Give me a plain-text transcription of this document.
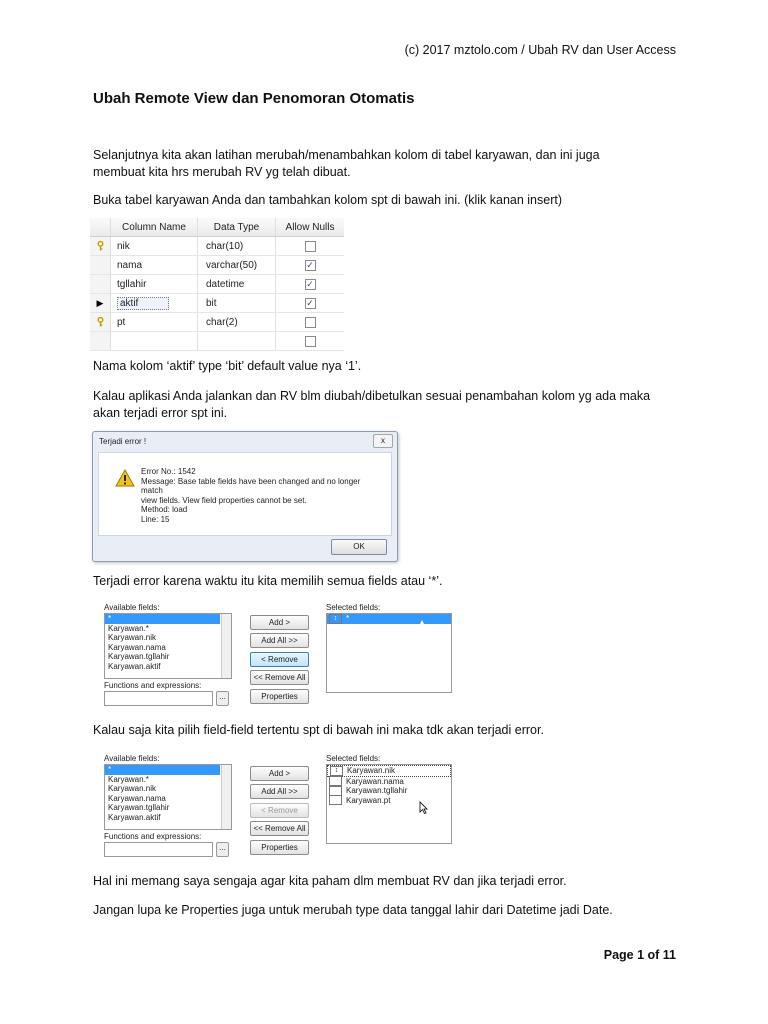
(c) 2017 mztolo.com / Ubah RV dan User Access
Ubah Remote View dan Penomoran Otomatis

Selanjutnya kita akan latihan merubah/menambahkan kolom di tabel karyawan, dan ini juga
membuat kita hrs merubah RV yg telah dibuat.

Buka tabel karyawan Anda dan tambahkan kolom spt di bawah ini. (klik kanan insert)

Column Name	Data Type	Allow Nulls
nik	char(10)
nama	varchar(50)	✓
tgllahir	datetime	✓
▶	aktif	bit	✓
pt	char(2)

Nama kolom ‘aktif’ type ‘bit’ default value nya ‘1’.

Kalau aplikasi Anda jalankan dan RV blm diubah/dibetulkan sesuai penambahan kolom yg ada maka
akan terjadi error spt ini.

Terjadi error !	x
Error No.: 1542
Message: Base table fields have been changed and no longer match
view fields. View field properties cannot be set.
Method: load
Line: 15
OK

Terjadi error karena waktu itu kita memilih semua fields atau ‘*’.

Available fields:
*
Karyawan.*
Karyawan.nik
Karyawan.nama
Karyawan.tgllahir
Karyawan.aktif
Functions and expressions:
...
Add >
Add All >>
< Remove
<< Remove All
Properties
Selected fields:
↕	*

Kalau saja kita pilih field-field tertentu spt di bawah ini maka tdk akan terjadi error.

Available fields:
*
Karyawan.*
Karyawan.nik
Karyawan.nama
Karyawan.tgllahir
Karyawan.aktif
Functions and expressions:
...
Add >
Add All >>
< Remove
<< Remove All
Properties
Selected fields:
↕	Karyawan.nik
Karyawan.nama
Karyawan.tgllahir
Karyawan.pt

Hal ini memang saya sengaja agar kita paham dlm membuat RV dan jika terjadi error.

Jangan lupa ke Properties juga untuk merubah type data tanggal lahir dari Datetime jadi Date.

Page 1 of 11
